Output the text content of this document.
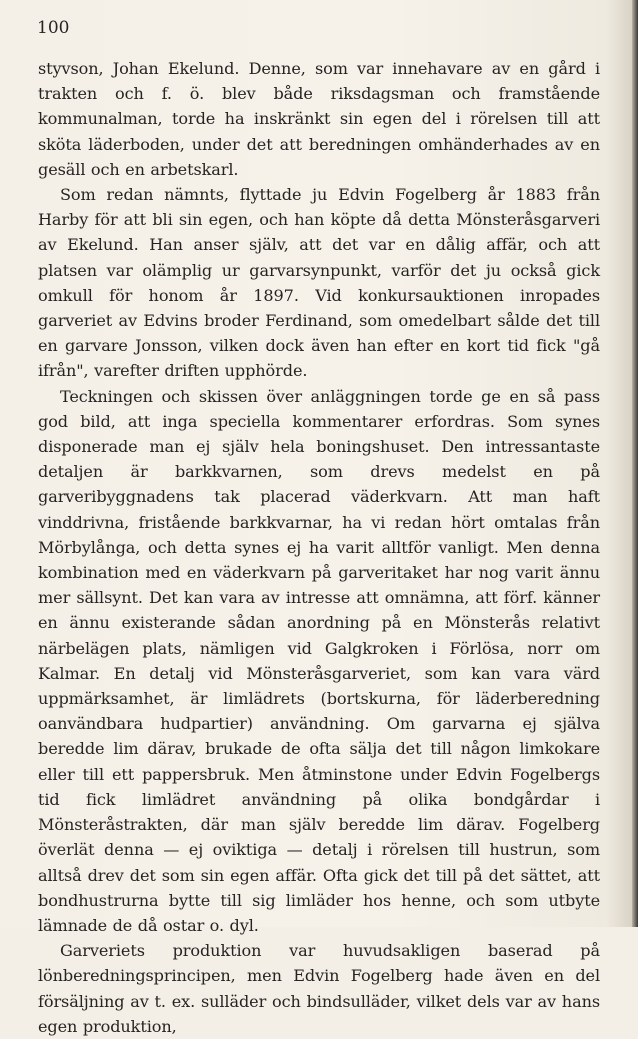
100

styvson, Johan Ekelund. Denne, som var innehavare av en gård i trakten och f. ö. blev både riksdagsman och framstående kommunalman, torde ha inskränkt sin egen del i rörelsen till att sköta läderboden, under det att beredningen omhänderhades av en gesäll och en arbetskarl.

Som redan nämnts, flyttade ju Edvin Fogelberg år 1883 från Harby för att bli sin egen, och han köpte då detta Mönsteråsgarveri av Ekelund. Han anser själv, att det var en dålig affär, och att platsen var olämplig ur garvarsynpunkt, varför det ju också gick omkull för honom år 1897. Vid konkursauktionen inropades garveriet av Edvins broder Ferdinand, som omedelbart sålde det till en garvare Jonsson, vilken dock även han efter en kort tid fick "gå ifrån", varefter driften upphörde.

Teckningen och skissen över anläggningen torde ge en så pass god bild, att inga speciella kommentarer erfordras. Som synes disponerade man ej själv hela boningshuset. Den intressantaste detaljen är barkkvarnen, som drevs medelst en på garveribyggnadens tak placerad väderkvarn. Att man haft vinddrivna, fristående barkkvarnar, ha vi redan hört omtalas från Mörbylånga, och detta synes ej ha varit alltför vanligt. Men denna kombination med en väderkvarn på garveritaket har nog varit ännu mer sällsynt. Det kan vara av intresse att omnämna, att förf. känner en ännu existerande sådan anordning på en Mönsterås relativt närbelägen plats, nämligen vid Galgkroken i Förlösa, norr om Kalmar. En detalj vid Mönsteråsgarveriet, som kan vara värd uppmärksamhet, är limlädrets (bortskurna, för läderberedning oanvändbara hudpartier) användning. Om garvarna ej själva beredde lim därav, brukade de ofta sälja det till någon limkokare eller till ett pappersbruk. Men åtminstone under Edvin Fogelbergs tid fick limlädret användning på olika bondgårdar i Mönsteråstrakten, där man själv beredde lim därav. Fogelberg överlät denna — ej oviktiga — detalj i rörelsen till hustrun, som alltså drev det som sin egen affär. Ofta gick det till på det sättet, att bondhustrurna bytte till sig limläder hos henne, och som utbyte lämnade de då ostar o. dyl.

Garveriets produktion var huvudsakligen baserad på lönberedningsprincipen, men Edvin Fogelberg hade även en del försäljning av t. ex. sulläder och bindsulläder, vilket dels var av hans egen produktion,
